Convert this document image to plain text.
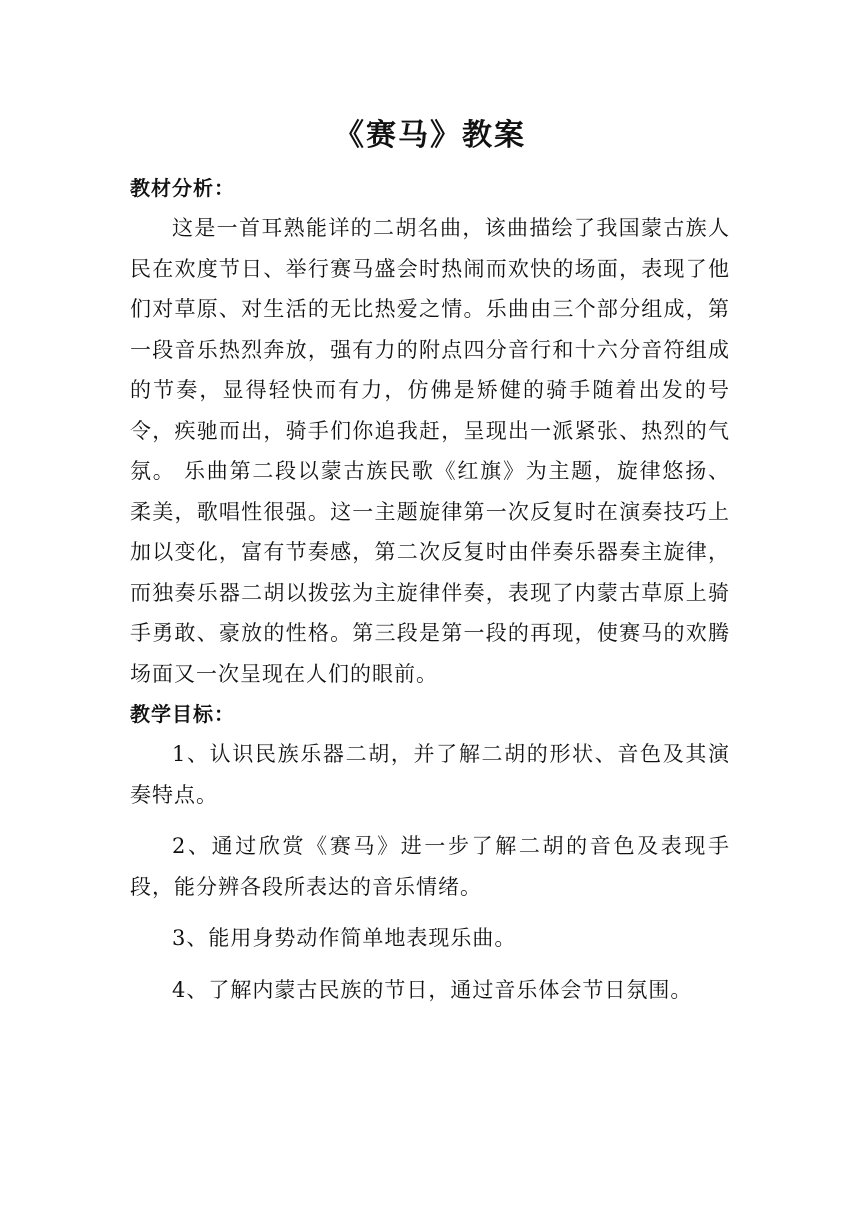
《赛马》教案
教材分析：

这是一首耳熟能详的二胡名曲，该曲描绘了我国蒙古族人民在欢度节日、举行赛马盛会时热闹而欢快的场面，表现了他们对草原、对生活的无比热爱之情。乐曲由三个部分组成，第一段音乐热烈奔放，强有力的附点四分音行和十六分音符组成的节奏，显得轻快而有力，仿佛是矫健的骑手随着出发的号令，疾驰而出，骑手们你追我赶，呈现出一派紧张、热烈的气氛。 乐曲第二段以蒙古族民歌《红旗》为主题，旋律悠扬、柔美，歌唱性很强。这一主题旋律第一次反复时在演奏技巧上加以变化，富有节奏感，第二次反复时由伴奏乐器奏主旋律，而独奏乐器二胡以拨弦为主旋律伴奏，表现了内蒙古草原上骑手勇敢、豪放的性格。第三段是第一段的再现，使赛马的欢腾场面又一次呈现在人们的眼前。

教学目标：

1、认识民族乐器二胡，并了解二胡的形状、音色及其演奏特点。

2、通过欣赏《赛马》进一步了解二胡的音色及表现手段，能分辨各段所表达的音乐情绪。

3、能用身势动作简单地表现乐曲。

4、了解内蒙古民族的节日，通过音乐体会节日氛围。
